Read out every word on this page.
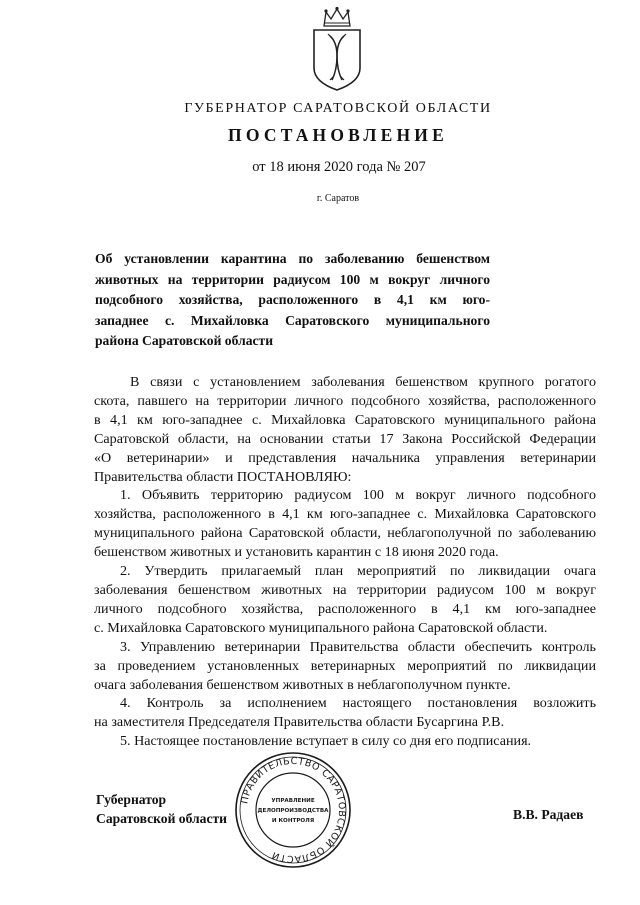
ГУБЕРНАТОР САРАТОВСКОЙ ОБЛАСТИ
ПОСТАНОВЛЕНИЕ
от 18 июня 2020 года № 207
г. Саратов

Об установлении карантина по заболеванию бешенством
животных на территории радиусом 100 м вокруг личного
подсобного хозяйства, расположенного в 4,1 км юго-
западнее с. Михайловка Саратовского муниципального
района Саратовской области

В связи с установлением заболевания бешенством крупного рогатого
скота, павшего на территории личного подсобного хозяйства, расположенного
в 4,1 км юго-западнее с. Михайловка Саратовского муниципального района
Саратовской области, на основании статьи 17 Закона Российской Федерации
«О ветеринарии» и представления начальника управления ветеринарии
Правительства области ПОСТАНОВЛЯЮ:

1. Объявить территорию радиусом 100 м вокруг личного подсобного
хозяйства, расположенного в 4,1 км юго-западнее с. Михайловка Саратовского
муниципального района Саратовской области, неблагополучной по заболеванию
бешенством животных и установить карантин с 18 июня 2020 года.

2. Утвердить прилагаемый план мероприятий по ликвидации очага
заболевания бешенством животных на территории радиусом 100 м вокруг
личного подсобного хозяйства, расположенного в 4,1 км юго-западнее
с. Михайловка Саратовского муниципального района Саратовской области.

3. Управлению ветеринарии Правительства области обеспечить контроль
за проведением установленных ветеринарных мероприятий по ликвидации
очага заболевания бешенством животных в неблагополучном пункте.

4. Контроль за исполнением настоящего постановления возложить
на заместителя Председателя Правительства области Бусаргина Р.В.

5. Настоящее постановление вступает в силу со дня его подписания.

Губернатор
Саратовской области
ПРАВИТЕЛЬСТВО САРАТОВСКОЙ ОБЛАСТИ
УПРАВЛЕНИЕ
ДЕЛОПРОИЗВОДСТВА
И КОНТРОЛЯ	В.В. Радаев
